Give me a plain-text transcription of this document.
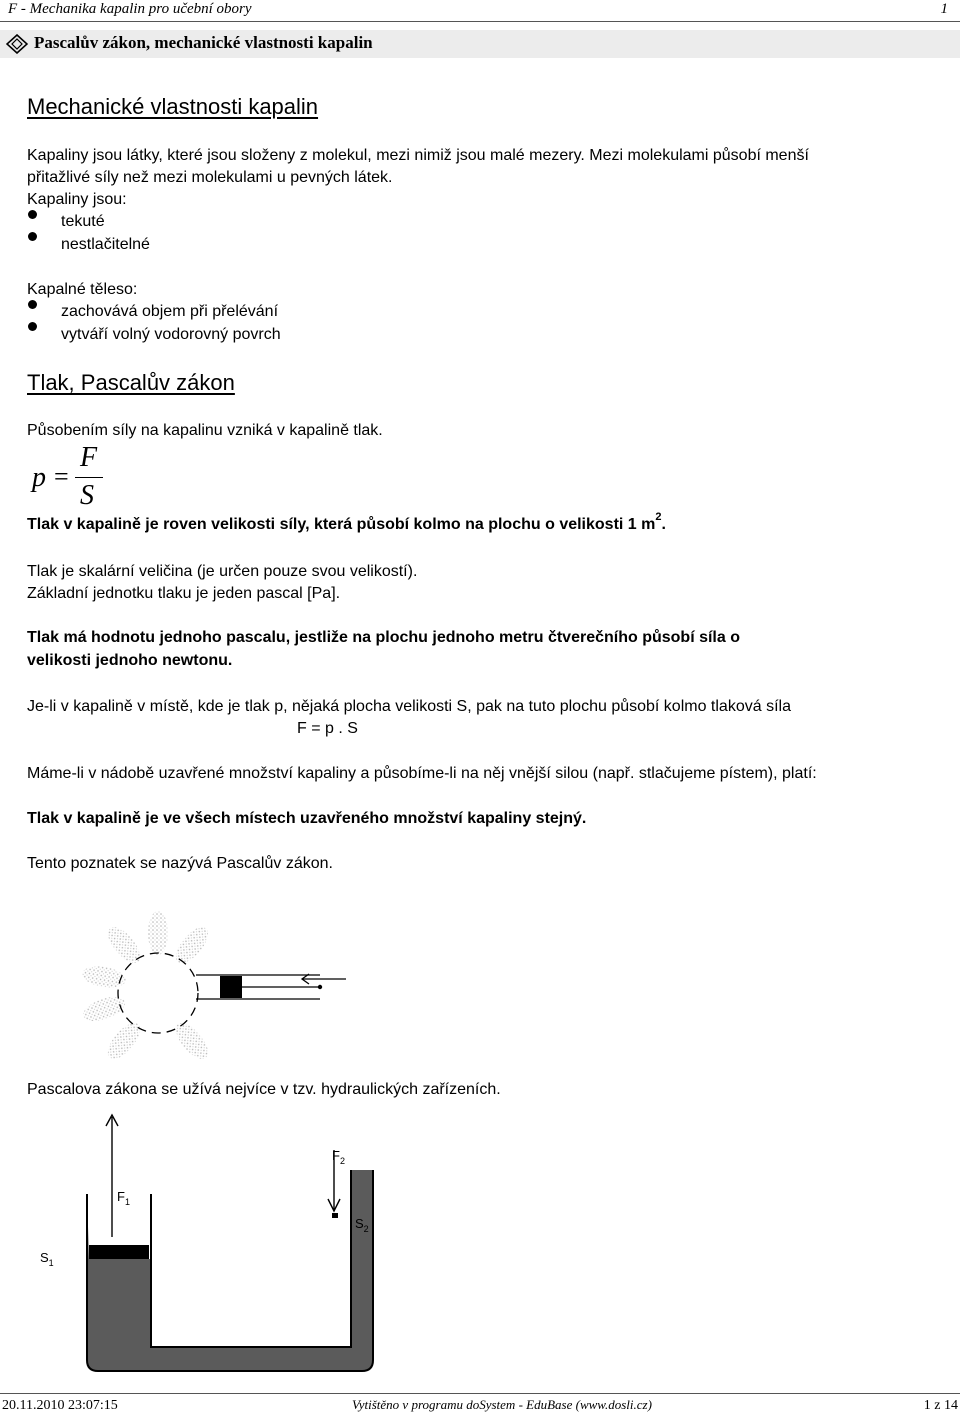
F - Mechanika kapalin pro učební obory	1
Pascalův zákon, mechanické vlastnosti kapalin
Mechanické vlastnosti kapalin
Kapaliny jsou látky, které jsou složeny z molekul, mezi nimiž jsou malé mezery. Mezi molekulami působí menší
přitažlivé síly než mezi molekulami u pevných látek.
Kapaliny jsou:
tekuté
nestlačitelné
Kapalné těleso:
zachovává objem při přelévání
vytváří volný vodorovný povrch
Tlak, Pascalův zákon
Působením síly na kapalinu vzniká v kapalině tlak.
p =
F
S
Tlak v kapalině je roven velikosti síly, která působí kolmo na plochu o velikosti 1 $m^2$.
Tlak je skalární veličina (je určen pouze svou velikostí).
Základní jednotku tlaku je jeden pascal [Pa].
Tlak má hodnotu jednoho pascalu, jestliže na plochu jednoho metru čtverečního působí síla o
velikosti jednoho newtonu.
Je-li v kapalině v místě, kde je tlak p, nějaká plocha velikosti S, pak na tuto plochu působí kolmo tlaková síla
F = p . S
Máme-li v nádobě uzavřené množství kapaliny a působíme-li na něj vnější silou (např. stlačujeme pístem), platí:
Tlak v kapalině je ve všech místech uzavřeného množství kapaliny stejný.
Tento poznatek se nazývá Pascalův zákon.
Pascalova zákona se užívá nejvíce v tzv. hydraulických zařízeních.
$F_1$
$F_2$
$S_1$
$S_2$
20.11.2010 23:07:15	Vytištěno v programu doSystem - EduBase (www.dosli.cz)	1 z 14
